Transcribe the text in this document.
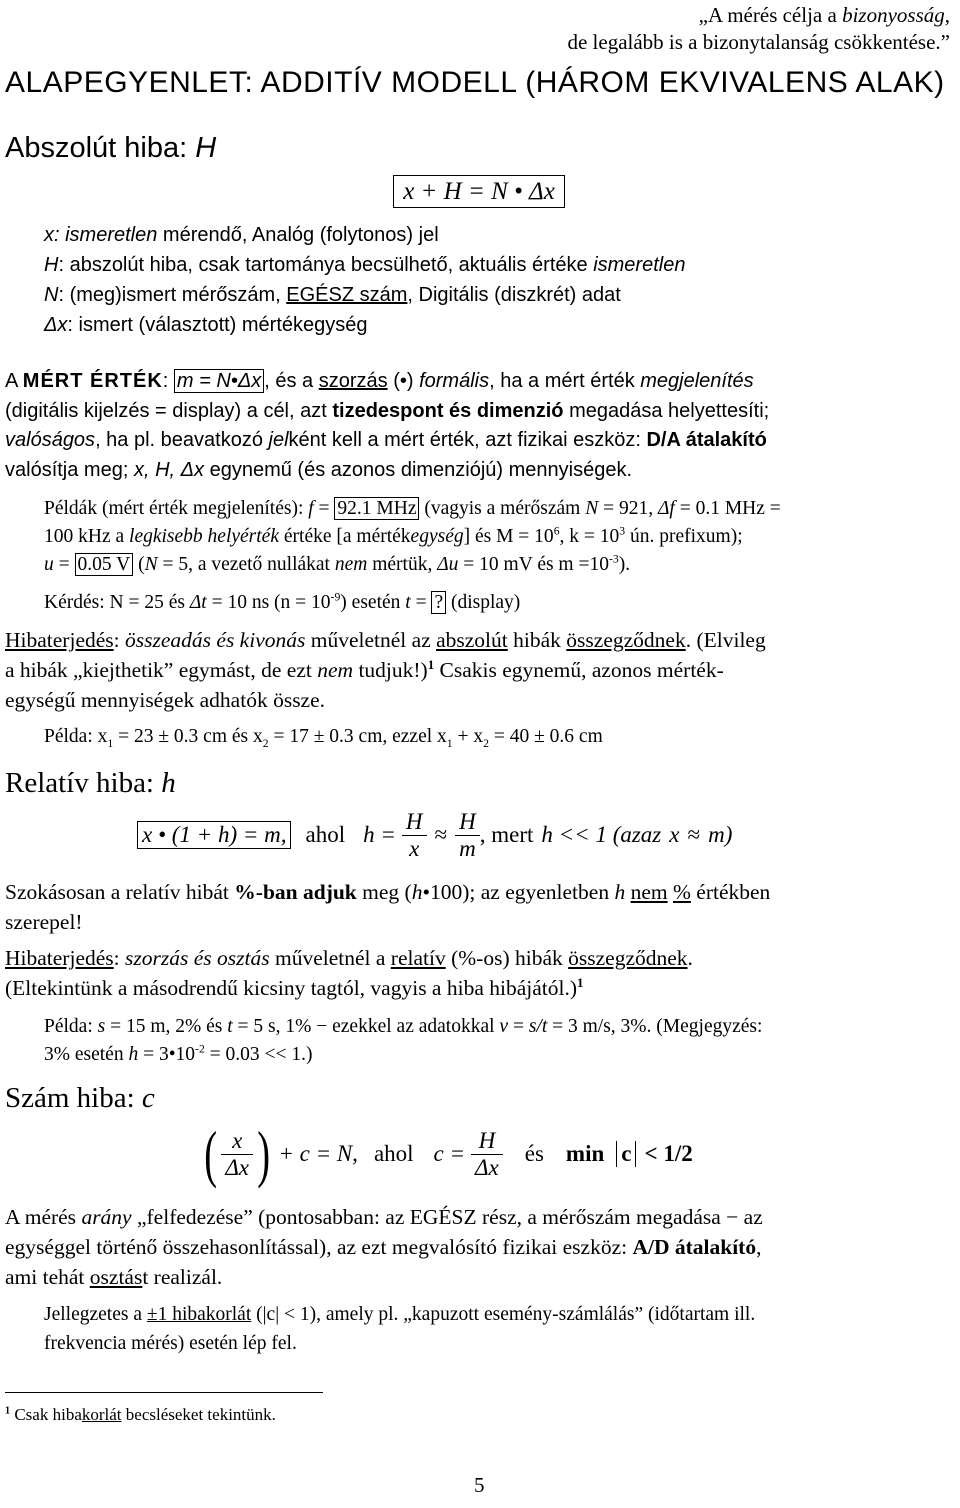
„A mérés célja a bizonyosság,
de legalább is a bizonytalanság csökkentése.”
ALAPEGYENLET: ADDITÍV MODELL (HÁROM EKVIVALENS ALAK)
Abszolút hiba: H
x + H = N • Δx
x: ismeretlen mérendő, Analóg (folytonos) jel
H: abszolút hiba, csak tartománya becsülhető, aktuális értéke ismeretlen
N: (meg)ismert mérőszám, EGÉSZ szám, Digitális (diszkrét) adat
Δx: ismert (választott) mértékegység
A MÉRT ÉRTÉK: m = N•Δx , és a szorzás (•) formális, ha a mért érték megjelenítés
(digitális kijelzés = display) a cél, azt tizedespont és dimenzió megadása helyettesíti;
valóságos, ha pl. beavatkozó jelként kell a mért érték, azt fizikai eszköz: D/A átalakító
valósítja meg; x, H, Δx egynemű (és azonos dimenziójú) mennyiségek.
Példák (mért érték megjelenítés): f = 92.1 MHz (vagyis a mérőszám N = 921, Δf = 0.1 MHz =
100 kHz a legkisebb helyérték értéke [a mértékegység] és $M = 10^6$, $k = 10^3$ ún. prefixum);
u = 0.05 V (N = 5, a vezető nullákat nem mértük, Δu = 10 mV és $m =10^{-3}$).
Kérdés: N = 25 és Δt = 10 ns $(n = 10^{-9})$ esetén t = ? (display)
Hibaterjedés: összeadás és kivonás műveletnél az abszolút hibák összegződnek. (Elvileg
a hibák „kiejthetik” egymást, de ezt nem tudjuk!)$^1$ Csakis egynemű, azonos mérték-
egységű mennyiségek adhatók össze.
Példa: $x_1 = 23 \pm 0.3$ cm és $x_2 = 17 \pm 0.3$ cm, ezzel $x_1 + x_2 = 40 \pm 0.6$ cm
Relatív hiba: h
x • (1 + h) = m, ahol $h = \frac{H}{x} \approx \frac{H}{m}$ , mert h << 1 (azaz x ≈ m)
Szokásosan a relatív hibát %-ban adjuk meg (h•100); az egyenletben h nem % értékben
szerepel!
Hibaterjedés: szorzás és osztás műveletnél a relatív (%-os) hibák összegződnek.
(Eltekintünk a másodrendű kicsiny tagtól, vagyis a hiba hibájától.)$^1$
Példa: s = 15 m, 2% és t = 5 s, 1% − ezekkel az adatokkal v = s/t = 3 m/s, 3%. (Megjegyzés:
3% esetén $h = 3•10^{-2} = 0.03 << 1$.)
Szám hiba: c
( $\frac{x}{\Delta x}$ ) + c = N, ahol $c = \frac{H}{\Delta x}$ és min c < 1/2
A mérés arány „felfedezése” (pontosabban: az EGÉSZ rész, a mérőszám megadása − az
egységgel történő összehasonlítással), az ezt megvalósító fizikai eszköz: A/D átalakító,
ami tehát osztást realizál.
Jellegzetes a ±1 hibakorlát (|c| < 1), amely pl. „kapuzott esemény-számlálás” (időtartam ill.
frekvencia mérés) esetén lép fel.
$^1$ Csak hibakorlát becsléseket tekintünk.
5
